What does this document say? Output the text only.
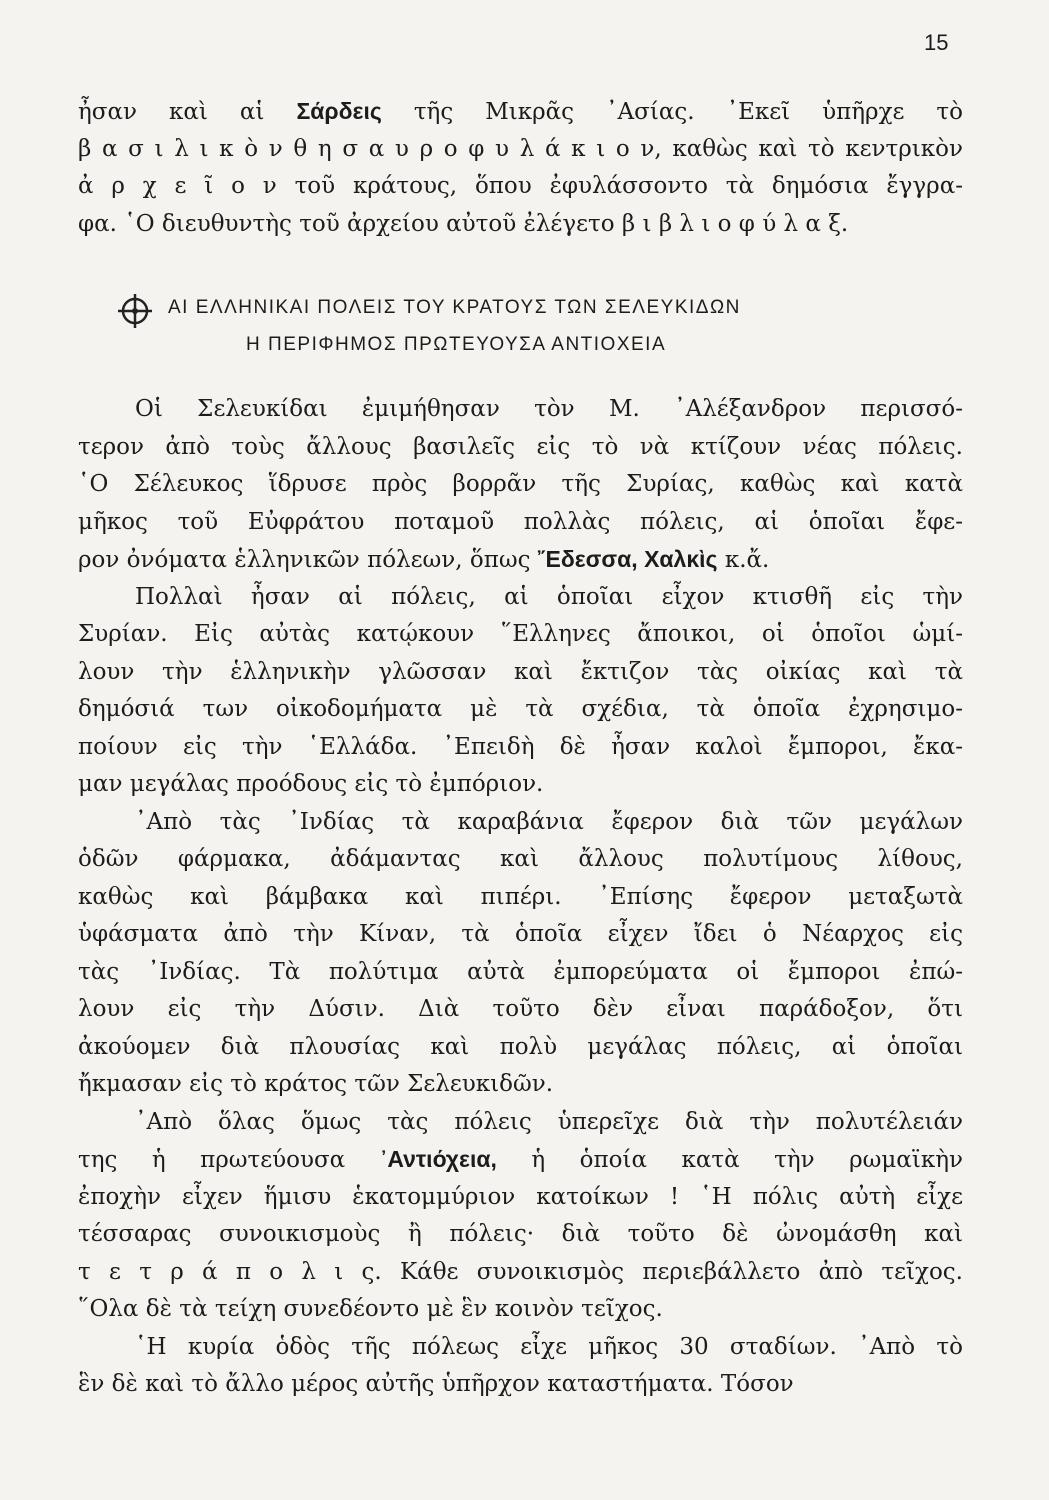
15
ἦσαν καὶ αἱ Σάρδεις τῆς Μικρᾶς ᾽Ασίας. ᾽Εκεῖ ὑπῆρχε τὸ
β α σ ι λ ι κ ὸ ν θ η σ α υ ρ ο φ υ λ ά κ ι ο ν, καθὼς καὶ τὸ κεντρικὸν
ἀ ρ χ ε ῖ ο ν τοῦ κράτους, ὅπου ἐφυλάσσοντο τὰ δημόσια ἔγγρα-
φα. ῾Ο διευθυντὴς τοῦ ἀρχείου αὐτοῦ ἐλέγετο β ι β λ ι ο φ ύ λ α ξ.
ΑΙ ΕΛΛΗΝΙΚΑΙ ΠΟΛΕΙΣ ΤΟΥ ΚΡΑΤΟΥΣ ΤΩΝ ΣΕΛΕΥΚΙΔΩΝ
Η ΠΕΡΙΦΗΜΟΣ ΠΡΩΤΕΥΟΥΣΑ ΑΝΤΙΟΧΕΙΑ
Οἱ Σελευκίδαι ἐμιμήθησαν τὸν Μ. ᾽Αλέξανδρον περισσό-
τερον ἀπὸ τοὺς ἄλλους βασιλεῖς εἰς τὸ νὰ κτίζουν νέας πόλεις.
῾Ο Σέλευκος ἵδρυσε πρὸς βορρᾶν τῆς Συρίας, καθὼς καὶ κατὰ
μῆκος τοῦ Εὐφράτου ποταμοῦ πολλὰς πόλεις, αἱ ὁποῖαι ἔφε-
ρον ὀνόματα ἑλληνικῶν πόλεων, ὅπως ῎Εδεσσα, Χαλκὶς κ.ἄ.
Πολλαὶ ἦσαν αἱ πόλεις, αἱ ὁποῖαι εἶχον κτισθῆ εἰς τὴν
Συρίαν. Εἰς αὐτὰς κατῴκουν ῞Ελληνες ἄποικοι, οἱ ὁποῖοι ὡμί-
λουν τὴν ἑλληνικὴν γλῶσσαν καὶ ἔκτιζον τὰς οἰκίας καὶ τὰ
δημόσιά των οἰκοδομήματα μὲ τὰ σχέδια, τὰ ὁποῖα ἐχρησιμο-
ποίουν εἰς τὴν ῾Ελλάδα. ᾽Επειδὴ δὲ ἦσαν καλοὶ ἔμποροι, ἔκα-
μαν μεγάλας προόδους εἰς τὸ ἐμπόριον.
᾽Απὸ τὰς ᾽Ινδίας τὰ καραβάνια ἔφερον διὰ τῶν μεγάλων
ὁδῶν φάρμακα, ἀδάμαντας καὶ ἄλλους πολυτίμους λίθους,
καθὼς καὶ βάμβακα καὶ πιπέρι. ᾽Επίσης ἔφερον μεταξωτὰ
ὑφάσματα ἀπὸ τὴν Κίναν, τὰ ὁποῖα εἶχεν ἴδει ὁ Νέαρχος εἰς
τὰς ᾽Ινδίας. Τὰ πολύτιμα αὐτὰ ἐμπορεύματα οἱ ἔμποροι ἐπώ-
λουν εἰς τὴν Δύσιν. Διὰ τοῦτο δὲν εἶναι παράδοξον, ὅτι
ἀκούομεν διὰ πλουσίας καὶ πολὺ μεγάλας πόλεις, αἱ ὁποῖαι
ἤκμασαν εἰς τὸ κράτος τῶν Σελευκιδῶν.
᾽Απὸ ὅλας ὅμως τὰς πόλεις ὑπερεῖχε διὰ τὴν πολυτέλειάν
της ἡ πρωτεύουσα ᾽Αντιόχεια, ἡ ὁποία κατὰ τὴν ρωμαϊκὴν
ἐποχὴν εἶχεν ἥμισυ ἑκατομμύριον κατοίκων ! ῾Η πόλις αὐτὴ εἶχε
τέσσαρας συνοικισμοὺς ἢ πόλεις· διὰ τοῦτο δὲ ὠνομάσθη καὶ
τ ε τ ρ ά π ο λ ι ς. Κάθε συνοικισμὸς περιεβάλλετο ἀπὸ τεῖχος.
῞Ολα δὲ τὰ τείχη συνεδέοντο μὲ ἓν κοινὸν τεῖχος.
῾Η κυρία ὁδὸς τῆς πόλεως εἶχε μῆκος 30 σταδίων. ᾽Απὸ τὸ
ἓν δὲ καὶ τὸ ἄλλο μέρος αὐτῆς ὑπῆρχον καταστήματα. Τόσον
